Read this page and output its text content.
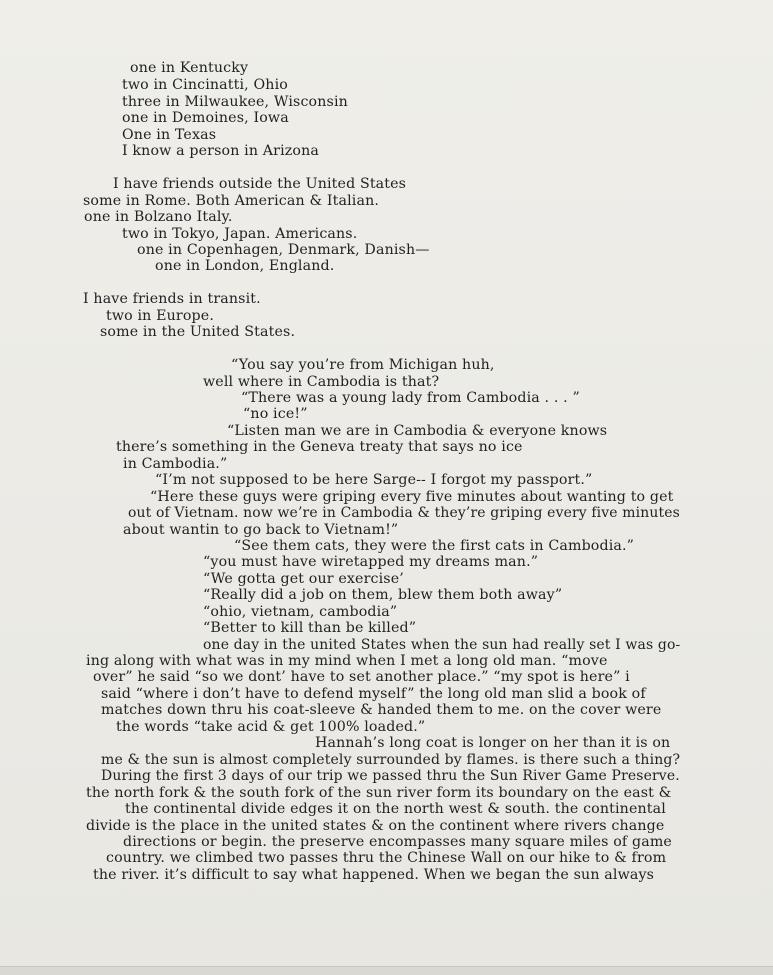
one in Kentucky

two in Cincinatti, Ohio

three in Milwaukee, Wisconsin

one in Demoines, Iowa

One in Texas

I know a person in Arizona

I have friends outside the United States

some in Rome. Both American & Italian.

one in Bolzano Italy.

two in Tokyo, Japan. Americans.

one in Copenhagen, Denmark, Danish—

one in London, England.

I have friends in transit.

two in Europe.

some in the United States.

“You say you’re from Michigan huh,

well where in Cambodia is that?

“There was a young lady from Cambodia . . . ”

“no ice!”

“Listen man we are in Cambodia & everyone knows

there’s something in the Geneva treaty that says no ice

in Cambodia.”

“I’m not supposed to be here Sarge-- I forgot my passport.”

“Here these guys were griping every five minutes about wanting to get

out of Vietnam. now we’re in Cambodia & they’re griping every five minutes

about wantin to go back to Vietnam!”

“See them cats, they were the first cats in Cambodia.”

“you must have wiretapped my dreams man.”

“We gotta get our exercise’

“Really did a job on them, blew them both away”

“ohio, vietnam, cambodia”

“Better to kill than be killed”

one day in the united States when the sun had really set I was go-

ing along with what was in my mind when I met a long old man. “move

over” he said “so we dont’ have to set another place.” “my spot is here” i

said “where i don’t have to defend myself” the long old man slid a book of

matches down thru his coat-sleeve & handed them to me. on the cover were

the words “take acid & get 100% loaded.”

Hannah’s long coat is longer on her than it is on

me & the sun is almost completely surrounded by flames. is there such a thing?

During the first 3 days of our trip we passed thru the Sun River Game Preserve.

the north fork & the south fork of the sun river form its boundary on the east &

the continental divide edges it on the north west & south. the continental

divide is the place in the united states & on the continent where rivers change

directions or begin. the preserve encompasses many square miles of game

country. we climbed two passes thru the Chinese Wall on our hike to & from

the river. it’s difficult to say what happened. When we began the sun always
